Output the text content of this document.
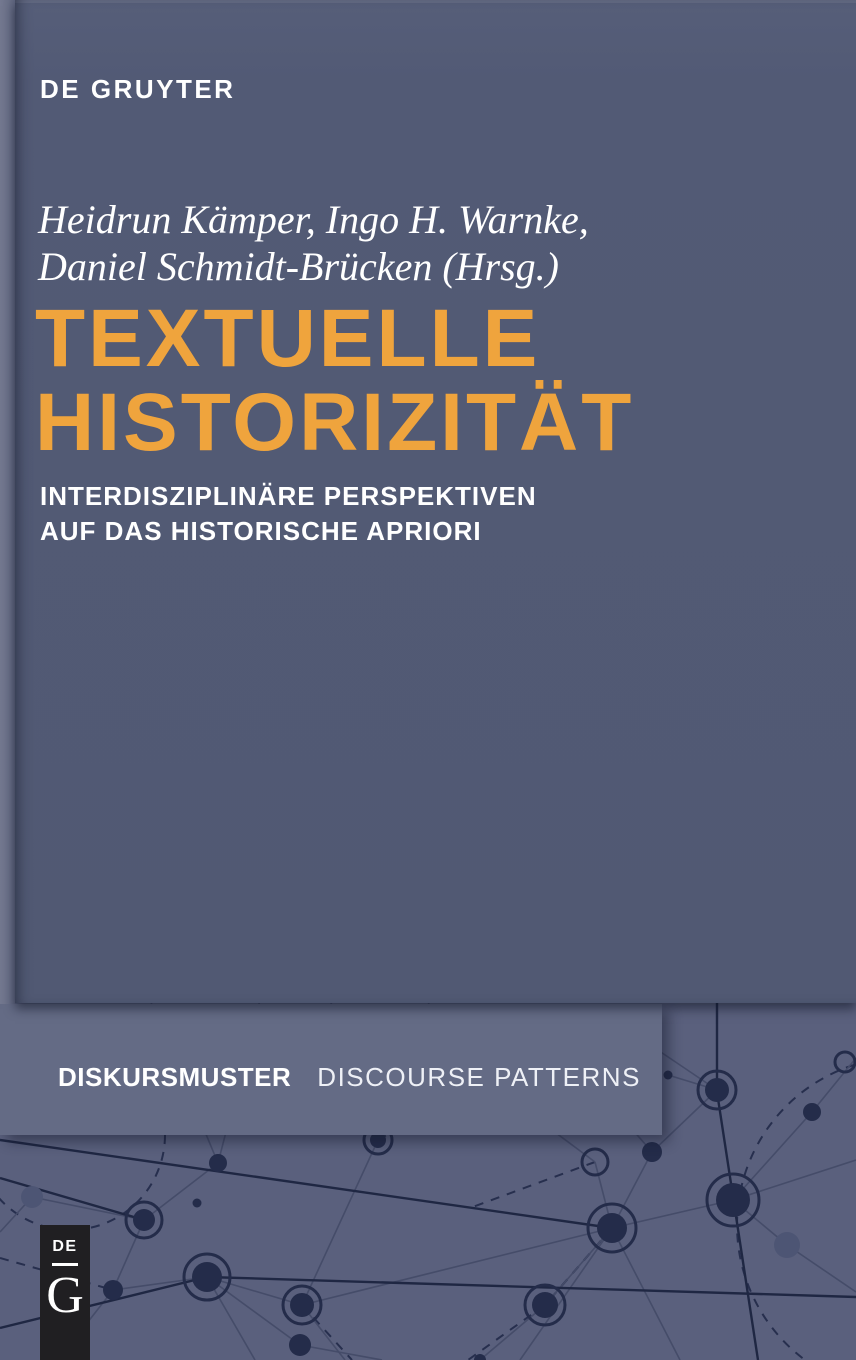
DISKURSMUSTER DISCOURSE PATTERNS
DE GRUYTER
Heidrun Kämper, Ingo H. Warnke,
Daniel Schmidt-Brücken (Hrsg.)
TEXTUELLE
HISTORIZITÄT
INTERDISZIPLINÄRE PERSPEKTIVEN
AUF DAS HISTORISCHE APRIORI
DE
G
